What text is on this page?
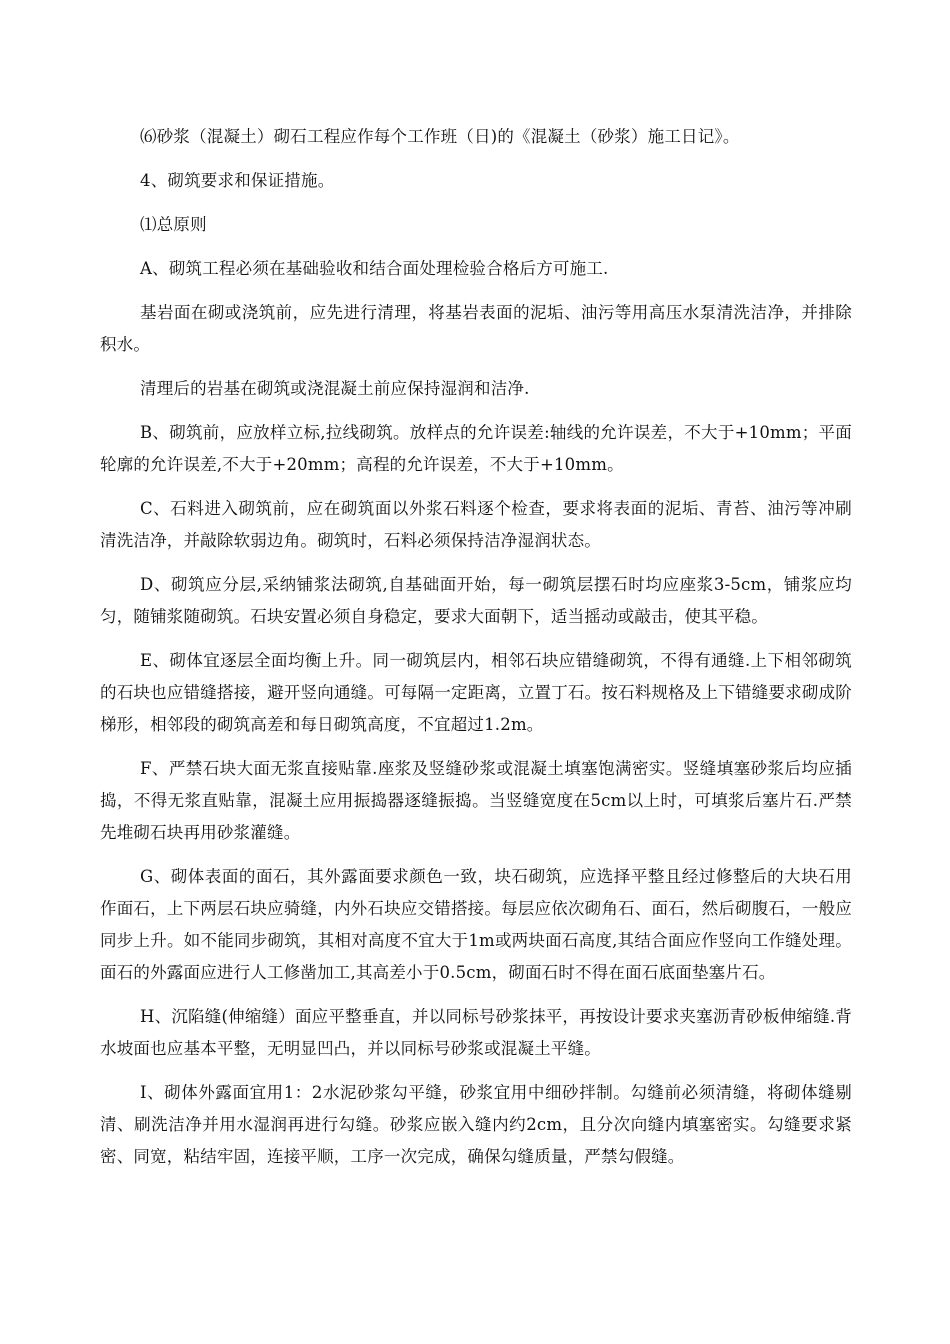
⑹砂浆（混凝土）砌石工程应作每个工作班（日)的《混凝土（砂浆）施工日记》。

4、砌筑要求和保证措施。

⑴总原则

A、砌筑工程必须在基础验收和结合面处理检验合格后方可施工.

基岩面在砌或浇筑前，应先进行清理，将基岩表面的泥垢、油污等用高压水泵清洗洁净，并排除积水。

清理后的岩基在砌筑或浇混凝土前应保持湿润和洁净.

B、砌筑前，应放样立标,拉线砌筑。放样点的允许误差:轴线的允许误差，不大于+10mm；平面轮廓的允许误差,不大于+20mm；高程的允许误差，不大于+10mm。

C、石料进入砌筑前，应在砌筑面以外浆石料逐个检查，要求将表面的泥垢、青苔、油污等冲刷清洗洁净，并敲除软弱边角。砌筑时，石料必须保持洁净湿润状态。

D、砌筑应分层,采纳铺浆法砌筑,自基础面开始，每一砌筑层摆石时均应座浆3-5cm，铺浆应均匀，随铺浆随砌筑。石块安置必须自身稳定，要求大面朝下，适当摇动或敲击，使其平稳。

E、砌体宜逐层全面均衡上升。同一砌筑层内，相邻石块应错缝砌筑，不得有通缝.上下相邻砌筑的石块也应错缝搭接，避开竖向通缝。可每隔一定距离，立置丁石。按石料规格及上下错缝要求砌成阶梯形，相邻段的砌筑高差和每日砌筑高度，不宜超过1.2m。

F、严禁石块大面无浆直接贴靠.座浆及竖缝砂浆或混凝土填塞饱满密实。竖缝填塞砂浆后均应插捣，不得无浆直贴靠，混凝土应用振捣器逐缝振捣。当竖缝宽度在5cm以上时，可填浆后塞片石.严禁先堆砌石块再用砂浆灌缝。

G、砌体表面的面石，其外露面要求颜色一致，块石砌筑，应选择平整且经过修整后的大块石用作面石，上下两层石块应骑缝，内外石块应交错搭接。每层应依次砌角石、面石，然后砌腹石，一般应同步上升。如不能同步砌筑，其相对高度不宜大于1m或两块面石高度,其结合面应作竖向工作缝处理。面石的外露面应进行人工修凿加工,其高差小于0.5cm，砌面石时不得在面石底面垫塞片石。

H、沉陷缝(伸缩缝）面应平整垂直，并以同标号砂浆抹平，再按设计要求夹塞沥青砂板伸缩缝.背水坡面也应基本平整，无明显凹凸，并以同标号砂浆或混凝土平缝。

I、砌体外露面宜用1：2水泥砂浆勾平缝，砂浆宜用中细砂拌制。勾缝前必须清缝，将砌体缝剔清、刷洗洁净并用水湿润再进行勾缝。砂浆应嵌入缝内约2cm，且分次向缝内填塞密实。勾缝要求紧密、同宽，粘结牢固，连接平顺，工序一次完成，确保勾缝质量，严禁勾假缝。
